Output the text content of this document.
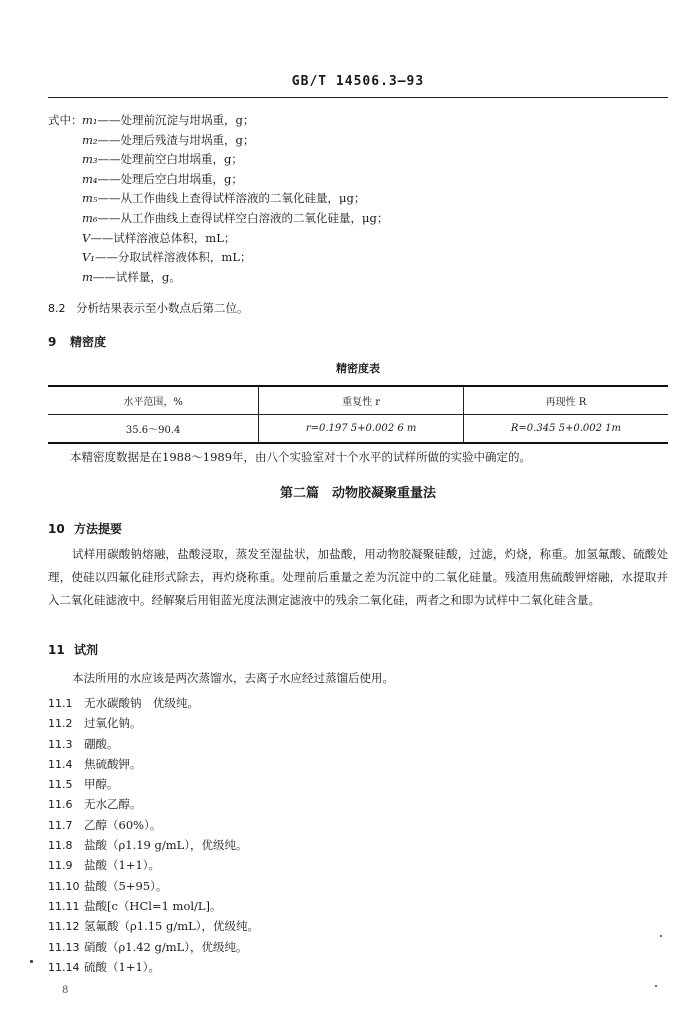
GB/T 14506.3—93
式中：m₁——处理前沉淀与坩埚重，g；
m₂——处理后残渣与坩埚重，g；
m₃——处理前空白坩埚重，g；
m₄——处理后空白坩埚重，g；
m₅——从工作曲线上查得试样溶液的二氧化硅量，μg；
m₆——从工作曲线上查得试样空白溶液的二氧化硅量，μg；
V——试样溶液总体积，mL；
V₁——分取试样溶液体积，mL；
m——试样量，g。
8.2 分析结果表示至小数点后第二位。
9 精密度
精密度表
水平范围，%	重复性 r	再现性 R
35.6～90.4	r=0.197 5+0.002 6 m	R=0.345 5+0.002 1m
本精密度数据是在1988～1989年，由八个实验室对十个水平的试样所做的实验中确定的。
第二篇　动物胶凝聚重量法
10 方法提要

试样用碳酸钠熔融，盐酸浸取，蒸发至湿盐状，加盐酸，用动物胶凝聚硅酸，过滤，灼烧，称重。加氢氟酸、硫酸处理，使硅以四氟化硅形式除去，再灼烧称重。处理前后重量之差为沉淀中的二氧化硅量。残渣用焦硫酸钾熔融，水提取并入二氧化硅滤液中。经解聚后用钼蓝光度法测定滤液中的残余二氧化硅，两者之和即为试样中二氧化硅含量。

11 试剂
本法所用的水应该是两次蒸馏水，去离子水应经过蒸馏后使用。
11.1 无水碳酸钠　优级纯。
11.2 过氧化钠。
11.3 硼酸。
11.4 焦硫酸钾。
11.5 甲醇。
11.6 无水乙醇。
11.7 乙醇（60%）。
11.8 盐酸（ρ1.19 g/mL），优级纯。
11.9 盐酸（1+1）。
11.10 盐酸（5+95）。
11.11 盐酸[c（HCl=1 mol/L]。
11.12 氢氟酸（ρ1.15 g/mL），优级纯。
11.13 硝酸（ρ1.42 g/mL），优级纯。
11.14 硫酸（1+1）。
8
